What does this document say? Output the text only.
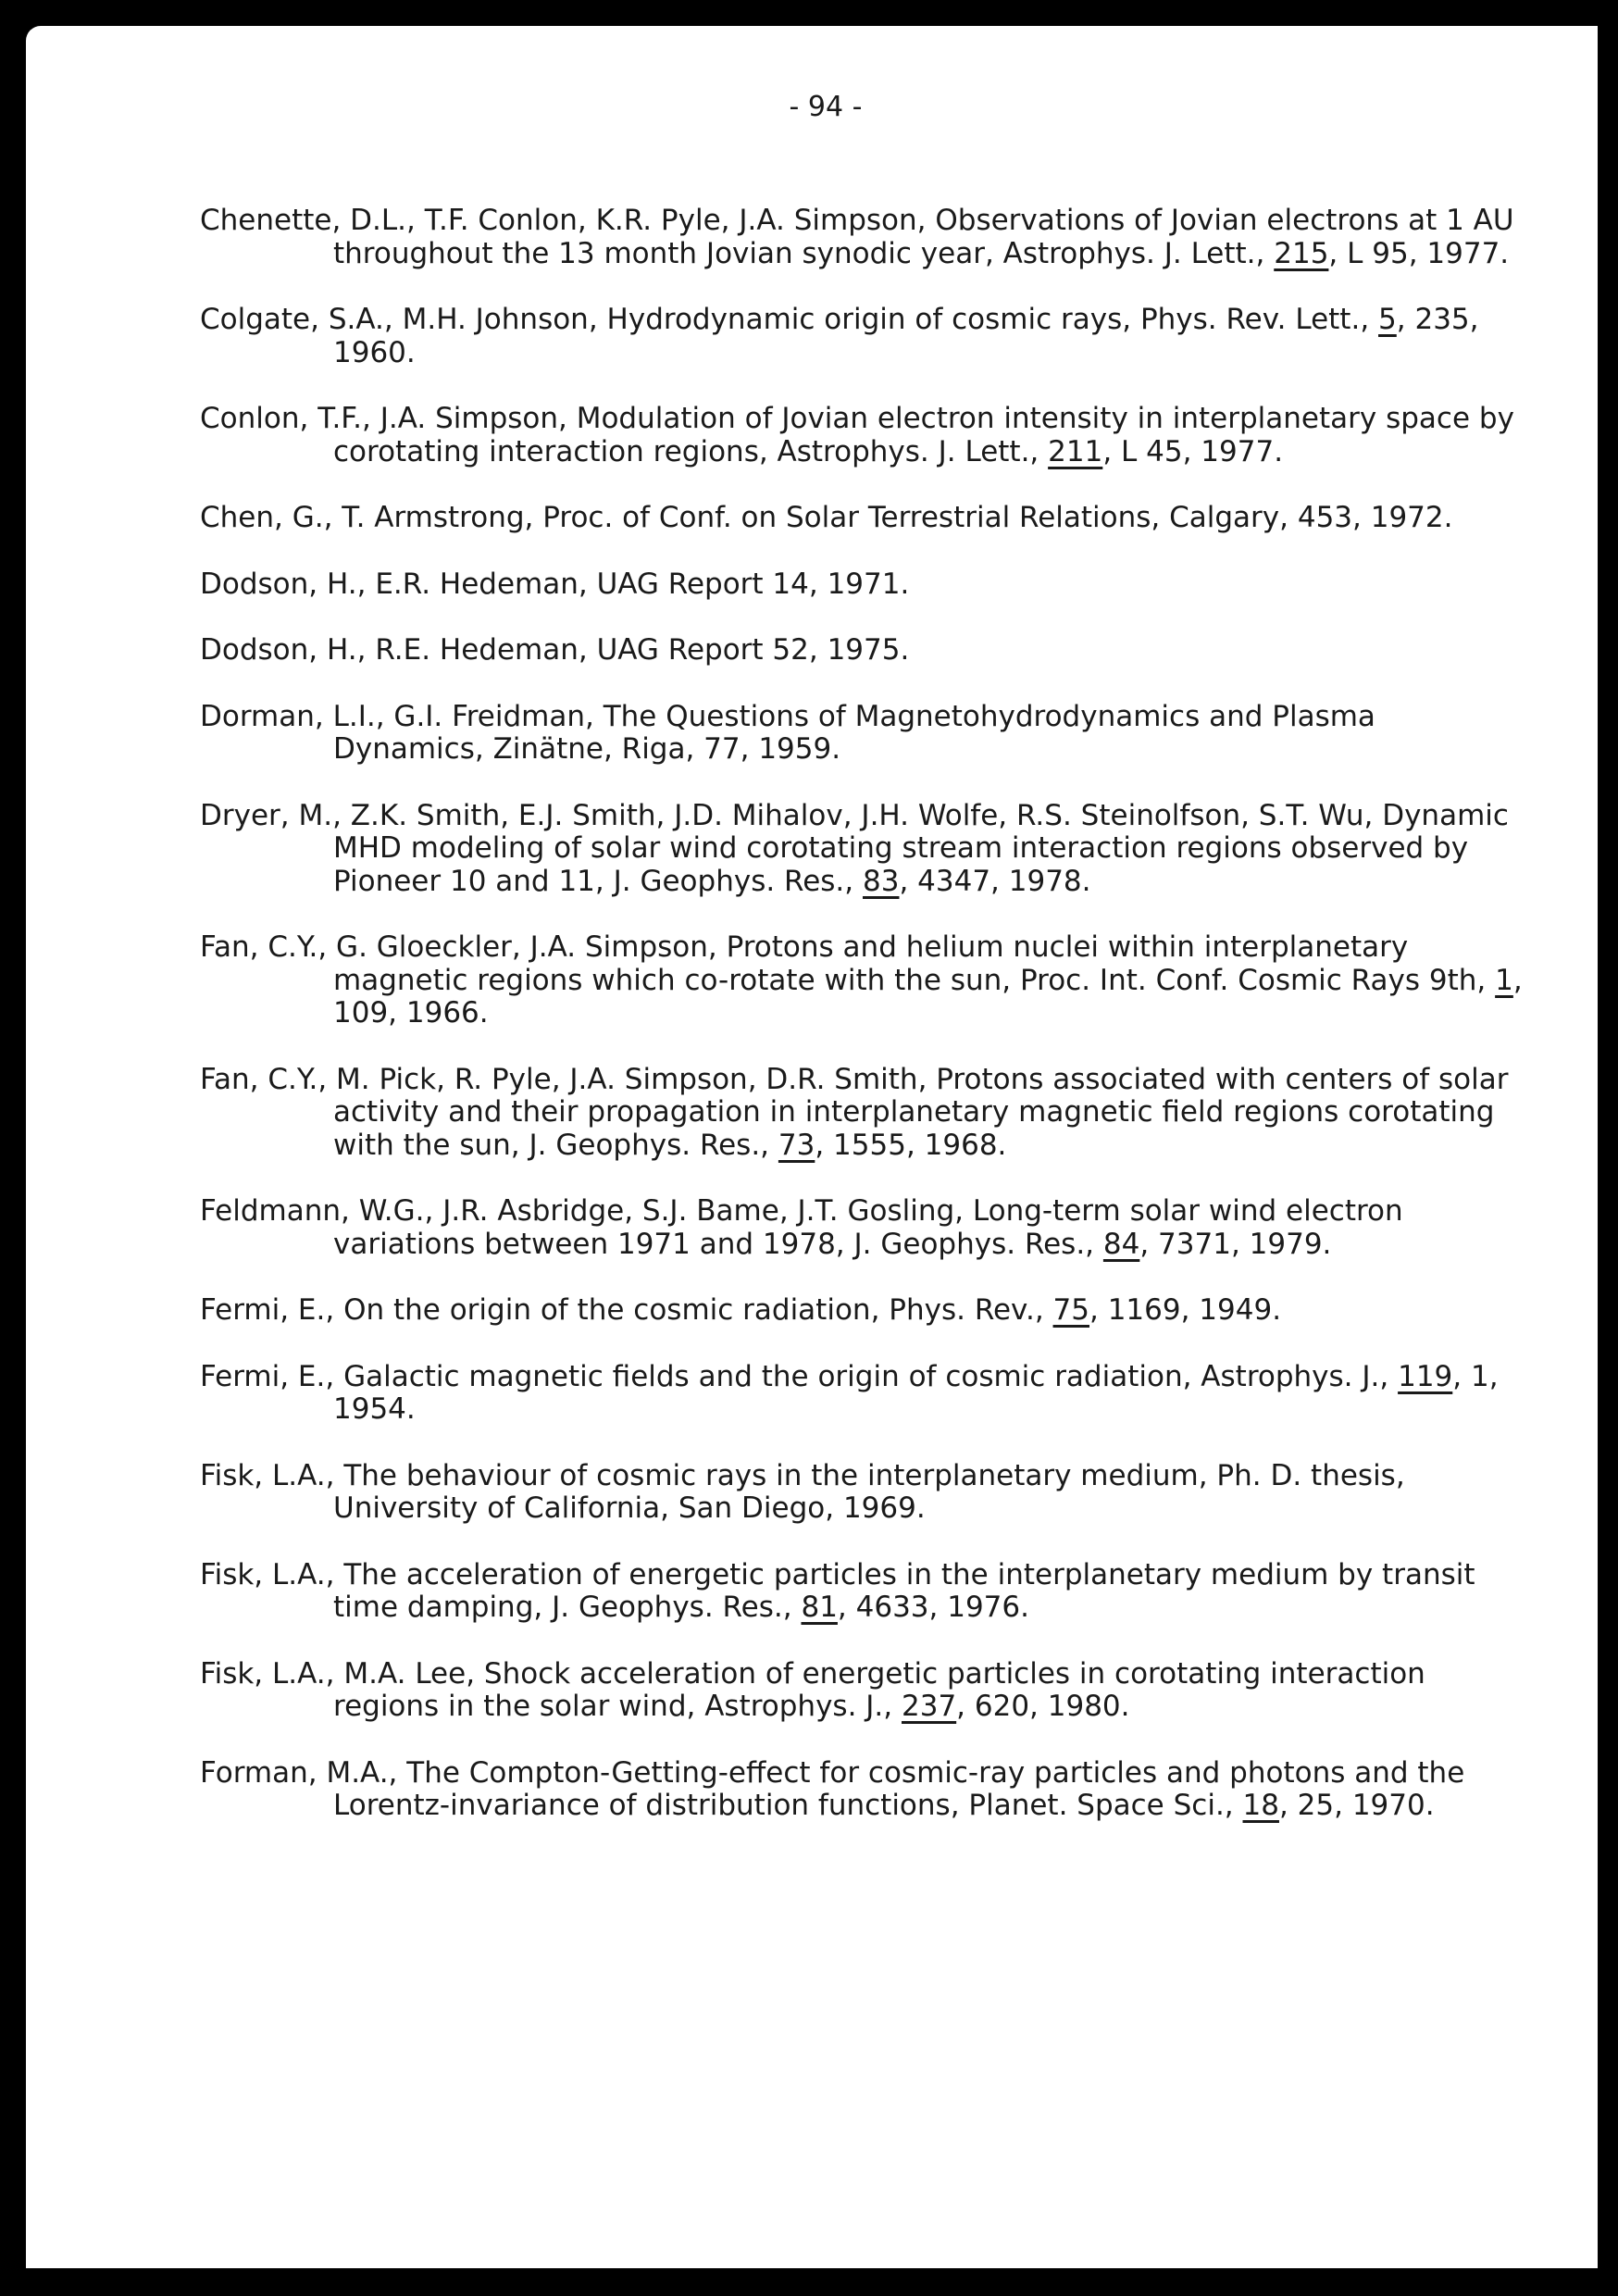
- 94 -
Chenette, D.L., T.F. Conlon, K.R. Pyle, J.A. Simpson, Observations of Jovian electrons at 1 AU throughout the 13 month Jovian synodic year, Astrophys. J. Lett., 215, L 95, 1977.
Colgate, S.A., M.H. Johnson, Hydrodynamic origin of cosmic rays, Phys. Rev. Lett., 5, 235, 1960.
Conlon, T.F., J.A. Simpson, Modulation of Jovian electron intensity in interplanetary space by corotating interaction regions, Astrophys. J. Lett., 211, L 45, 1977.
Chen, G., T. Armstrong, Proc. of Conf. on Solar Terrestrial Relations, Calgary, 453, 1972.
Dodson, H., E.R. Hedeman, UAG Report 14, 1971.
Dodson, H., R.E. Hedeman, UAG Report 52, 1975.
Dorman, L.I., G.I. Freidman, The Questions of Magnetohydrodynamics and Plasma Dynamics, Zinätne, Riga, 77, 1959.
Dryer, M., Z.K. Smith, E.J. Smith, J.D. Mihalov, J.H. Wolfe, R.S. Steinolfson, S.T. Wu, Dynamic MHD modeling of solar wind corotating stream interaction regions observed by Pioneer 10 and 11, J. Geophys. Res., 83, 4347, 1978.
Fan, C.Y., G. Gloeckler, J.A. Simpson, Protons and helium nuclei within interplanetary magnetic regions which co-rotate with the sun, Proc. Int. Conf. Cosmic Rays 9th, 1, 109, 1966.
Fan, C.Y., M. Pick, R. Pyle, J.A. Simpson, D.R. Smith, Protons associated with centers of solar activity and their propagation in interplanetary magnetic field regions corotating with the sun, J. Geophys. Res., 73, 1555, 1968.
Feldmann, W.G., J.R. Asbridge, S.J. Bame, J.T. Gosling, Long-term solar wind electron variations between 1971 and 1978, J. Geophys. Res., 84, 7371, 1979.
Fermi, E., On the origin of the cosmic radiation, Phys. Rev., 75, 1169, 1949.
Fermi, E., Galactic magnetic fields and the origin of cosmic radiation, Astrophys. J., 119, 1, 1954.
Fisk, L.A., The behaviour of cosmic rays in the interplanetary medium, Ph. D. thesis, University of California, San Diego, 1969.
Fisk, L.A., The acceleration of energetic particles in the interplanetary medium by transit time damping, J. Geophys. Res., 81, 4633, 1976.
Fisk, L.A., M.A. Lee, Shock acceleration of energetic particles in corotating interaction regions in the solar wind, Astrophys. J., 237, 620, 1980.
Forman, M.A., The Compton-Getting-effect for cosmic-ray particles and photons and the Lorentz-invariance of distribution functions, Planet. Space Sci., 18, 25, 1970.
